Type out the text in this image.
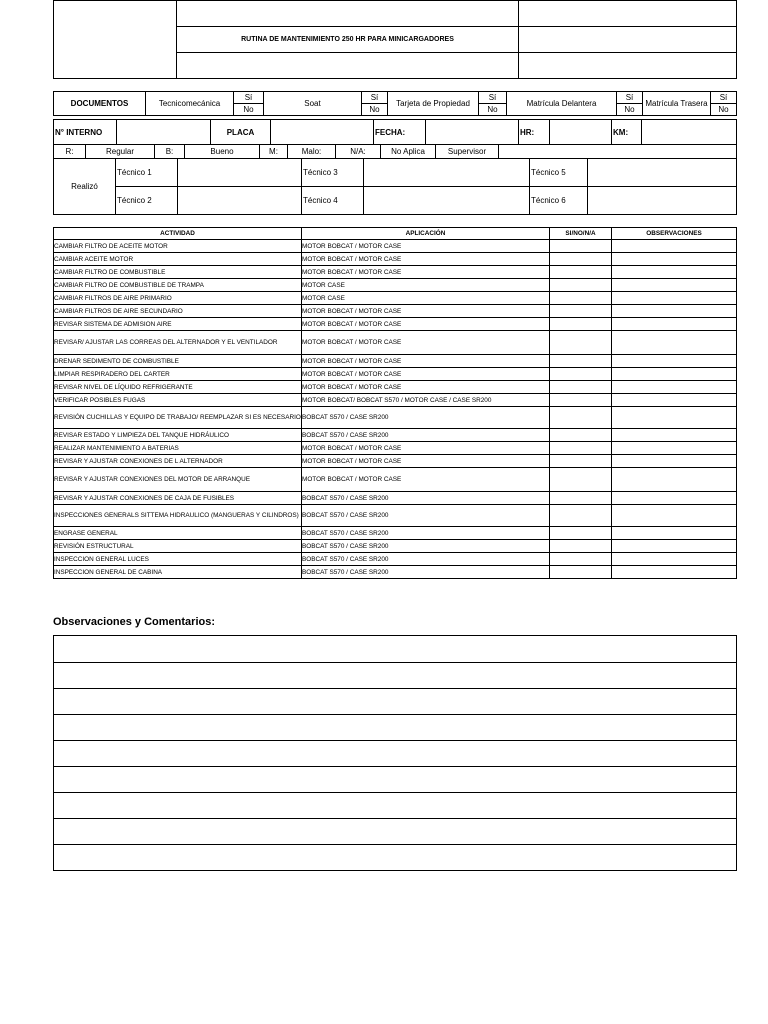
	RUTINA DE MANTENIMIENTO 250 HR PARA MINICARGADORES	

DOCUMENTOS	Tecnicomecánica	Sí	Soat	Sí	Tarjeta de Propiedad	Sí	Matrícula Delantera	Sí	Matrícula Trasera	Sí
		No		No		No		No		No
N° INTERNO		PLACA		FECHA:		HR:		KM:	
R:	Regular	B:	Bueno	M:	Malo:	N/A:	No Aplica	Supervisor	
Realizó	Técnico 1		Técnico 3		Técnico 5	
	Técnico 2		Técnico 4		Técnico 6	
ACTIVIDAD	APLICACIÓN	SI/NO/N/A	OBSERVACIONES
CAMBIAR FILTRO DE ACEITE MOTOR	MOTOR BOBCAT / MOTOR CASE		
CAMBIAR ACEITE MOTOR	MOTOR BOBCAT / MOTOR CASE		
CAMBIAR FILTRO DE COMBUSTIBLE	MOTOR BOBCAT / MOTOR CASE		
CAMBIAR FILTRO DE COMBUSTIBLE DE TRAMPA	MOTOR CASE		
CAMBIAR FILTROS DE AIRE PRIMARIO	MOTOR CASE		
CAMBIAR FILTROS DE AIRE SECUNDARIO	MOTOR BOBCAT / MOTOR CASE		
REVISAR SISTEMA DE ADMISION AIRE	MOTOR BOBCAT / MOTOR CASE		
REVISAR/ AJUSTAR LAS CORREAS DEL ALTERNADOR Y EL VENTILADOR	MOTOR BOBCAT / MOTOR CASE		
DRENAR SEDIMENTO DE COMBUSTIBLE	MOTOR BOBCAT / MOTOR CASE		
LIMPIAR RESPIRADERO DEL CARTER	MOTOR BOBCAT / MOTOR CASE		
REVISAR NIVEL DE LÍQUIDO REFRIGERANTE	MOTOR BOBCAT / MOTOR CASE		
VERIFICAR POSIBLES FUGAS	MOTOR BOBCAT/ BOBCAT S570 / MOTOR CASE / CASE SR200		
REVISIÓN CUCHILLAS Y EQUIPO DE TRABAJO/ REEMPLAZAR SI ES NECESARIO	BOBCAT S570 / CASE SR200		
REVISAR ESTADO Y LIMPIEZA DEL TANQUE HIDRÁULICO	BOBCAT S570 / CASE SR200		
REALIZAR MANTENIMIENTO A BATERIAS	MOTOR BOBCAT / MOTOR CASE		
REVISAR Y AJUSTAR CONEXIONES DE L ALTERNADOR	MOTOR BOBCAT / MOTOR CASE		
REVISAR Y AJUSTAR CONEXIONES DEL MOTOR DE ARRANQUE	MOTOR BOBCAT / MOTOR CASE		
REVISAR Y AJUSTAR CONEXIONES DE CAJA DE FUSIBLES	BOBCAT S570 / CASE SR200		
INSPECCIONES GENERALS SITTEMA HIDRAULICO (MANGUERAS Y CILINDROS)	BOBCAT S570 / CASE SR200		
ENGRASE GENERAL	BOBCAT S570 / CASE SR200		
REVISIÓN ESTRUCTURAL	BOBCAT S570 / CASE SR200		
INSPECCION GENERAL LUCES	BOBCAT S570 / CASE SR200		
INSPECCION GENERAL DE CABINA	BOBCAT S570 / CASE SR200		
Observaciones y Comentarios:
